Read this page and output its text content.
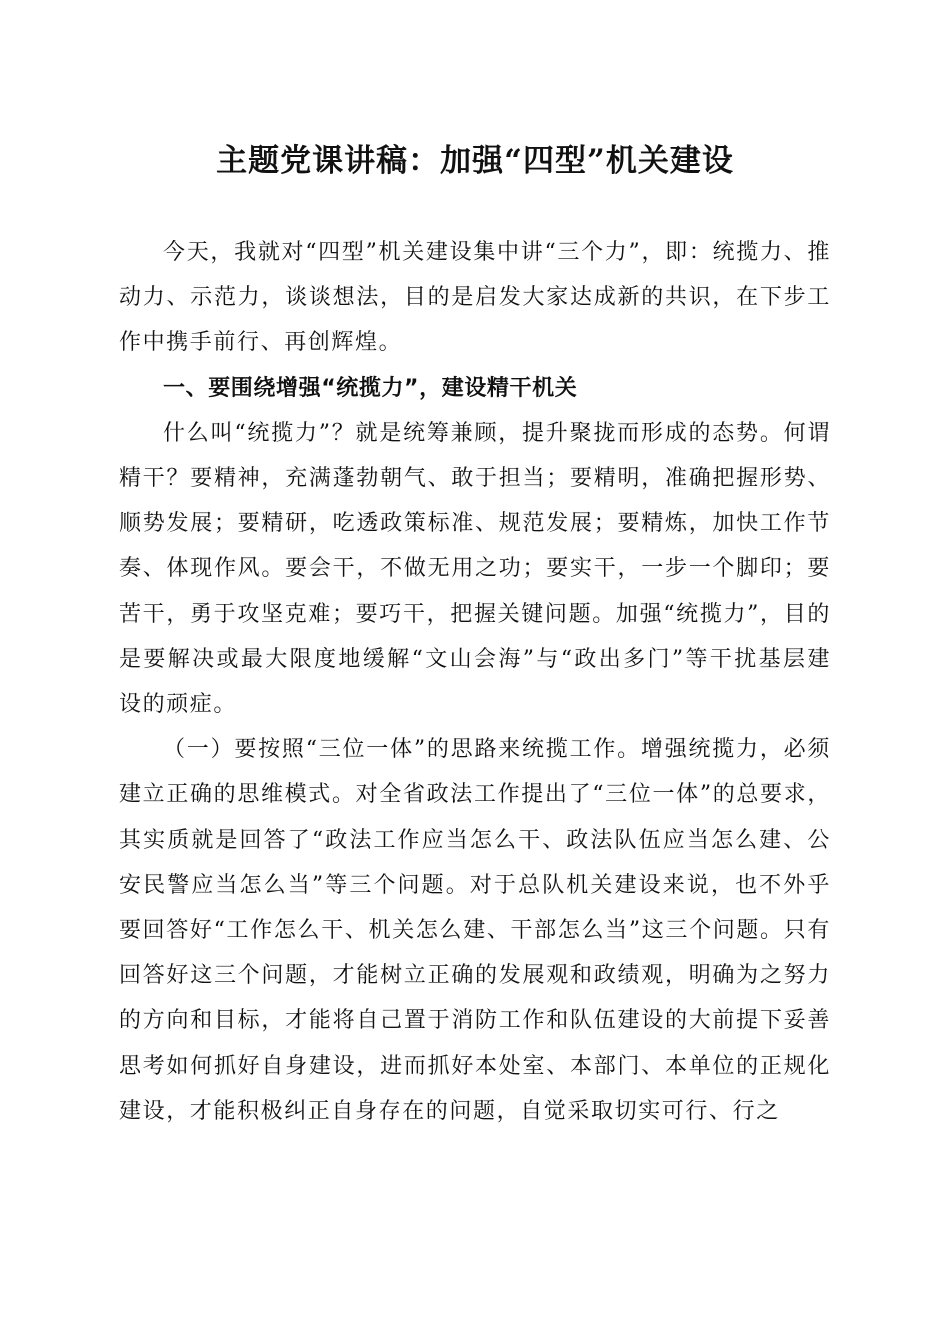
主题党课讲稿：加强“四型”机关建设

今天，我就对“四型”机关建设集中讲“三个力”，即：统揽力、推动力、示范力，谈谈想法，目的是启发大家达成新的共识，在下步工作中携手前行、再创辉煌。

一、要围绕增强“统揽力”，建设精干机关

什么叫“统揽力”？就是统筹兼顾，提升聚拢而形成的态势。何谓精干？要精神，充满蓬勃朝气、敢于担当；要精明，准确把握形势、顺势发展；要精研，吃透政策标准、规范发展；要精炼，加快工作节奏、体现作风。要会干，不做无用之功；要实干，一步一个脚印；要苦干，勇于攻坚克难；要巧干，把握关键问题。加强“统揽力”，目的是要解决或最大限度地缓解“文山会海”与“政出多门”等干扰基层建设的顽症。

（一）要按照“三位一体”的思路来统揽工作。增强统揽力，必须建立正确的思维模式。对全省政法工作提出了“三位一体”的总要求，其实质就是回答了“政法工作应当怎么干、政法队伍应当怎么建、公安民警应当怎么当”等三个问题。对于总队机关建设来说，也不外乎要回答好“工作怎么干、机关怎么建、干部怎么当”这三个问题。只有回答好这三个问题，才能树立正确的发展观和政绩观，明确为之努力的方向和目标，才能将自己置于消防工作和队伍建设的大前提下妥善思考如何抓好自身建设，进而抓好本处室、本部门、本单位的正规化建设，才能积极纠正自身存在的问题，自觉采取切实可行、行之
